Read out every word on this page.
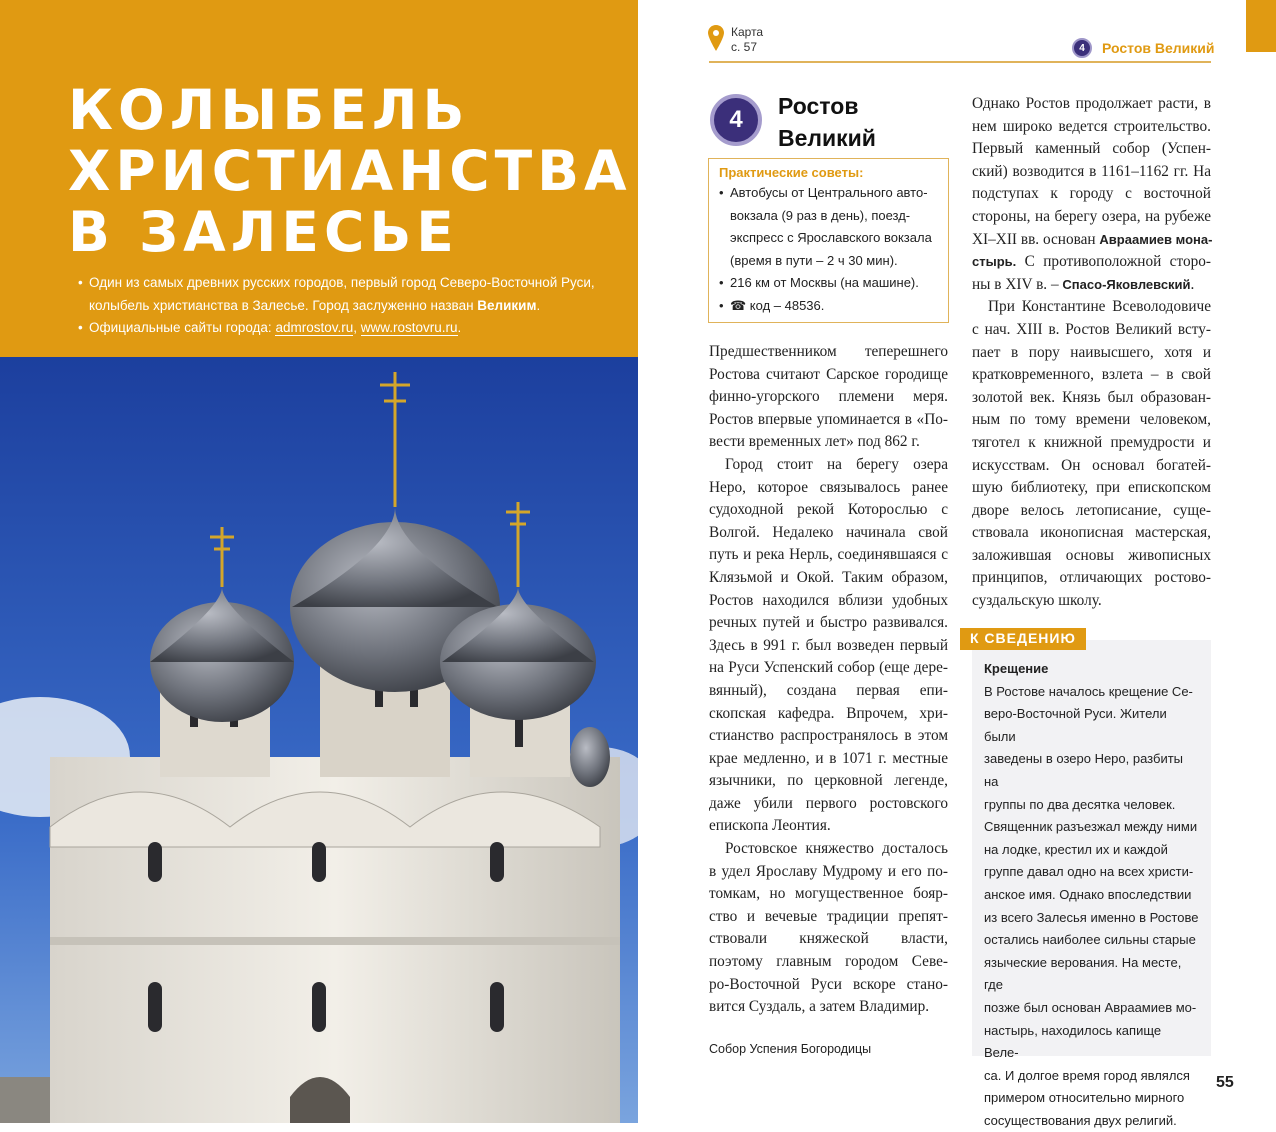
КОЛЫБЕЛЬ
ХРИСТИАНСТВА
В ЗАЛЕСЬЕ
• Один из самых древних русских городов, первый город Северо-Восточной Руси, колыбель христианства в Залесье. Город заслуженно назван Великим.
• Официальные сайты города: admrostov.ru, www.rostovru.ru.
Карта
с. 57	4	Ростов Великий
4	Ростов
Великий
Практические советы:
• Автобусы от Центрального авто-вокзала (9 раз в день), поезд-экспресс с Ярославского вокзала (время в пути – 2 ч 30 мин).
• 216 км от Москвы (на машине).
• ☎ код – 48536.
Предшественником теперешнего
Ростова считают Сарское городище
финно-угорского племени меря.
Ростов впервые упоминается в «По-
вести временных лет» под 862 г.
Город стоит на берегу озера
Неро, которое связывалось ранее
судоходной рекой Которослью с
Волгой. Недалеко начинала свой
путь и река Нерль, соединявшаяся с
Клязьмой и Окой. Таким образом,
Ростов находился вблизи удобных
речных путей и быстро развивался.
Здесь в 991 г. был возведен первый
на Руси Успенский собор (еще дере-
вянный), создана первая епи-
скопская кафедра. Впрочем, хри-
стианство распространялось в этом
крае медленно, и в 1071 г. местные
язычники, по церковной легенде,
даже убили первого ростовского
епископа Леонтия.
Ростовское княжество досталось
в удел Ярославу Мудрому и его по-
томкам, но могущественное бояр-
ство и вечевые традиции препят-
ствовали княжеской власти,
поэтому главным городом Севе-
ро-Восточной Руси вскоре стано-
вится Суздаль, а затем Владимир.
Однако Ростов продолжает расти, в
нем широко ведется строительство.
Первый каменный собор (Успен-
ский) возводится в 1161–1162 гг. На
подступах к городу с восточной
стороны, на берегу озера, на рубеже
XI–XII вв. основан Авраамиев мона-
стырь. С противоположной сторо-
ны в XIV в. – Спасо-Яковлевский.
При Константине Всеволодовиче
с нач. XIII в. Ростов Великий всту-
пает в пору наивысшего, хотя и
кратковременного, взлета – в свой
золотой век. Князь был образован-
ным по тому времени человеком,
тяготел к книжной премудрости и
искусствам. Он основал богатей-
шую библиотеку, при епископском
дворе велось летописание, суще-
ствовала иконописная мастерская,
заложившая основы живописных
принципов, отличающих ростово-
суздальскую школу.
Собор Успения Богородицы
Крещение
В Ростове началось крещение Се-
веро-Восточной Руси. Жители были
заведены в озеро Неро, разбиты на
группы по два десятка человек.
Священник разъезжал между ними
на лодке, крестил их и каждой
группе давал одно на всех христи-
анское имя. Однако впоследствии
из всего Залесья именно в Ростове
остались наиболее сильны старые
языческие верования. На месте, где
позже был основан Авраамиев мо-
настырь, находилось капище Веле-
са. И долгое время город являлся
примером относительно мирного
сосуществования двух религий.
К СВЕДЕНИЮ
55
